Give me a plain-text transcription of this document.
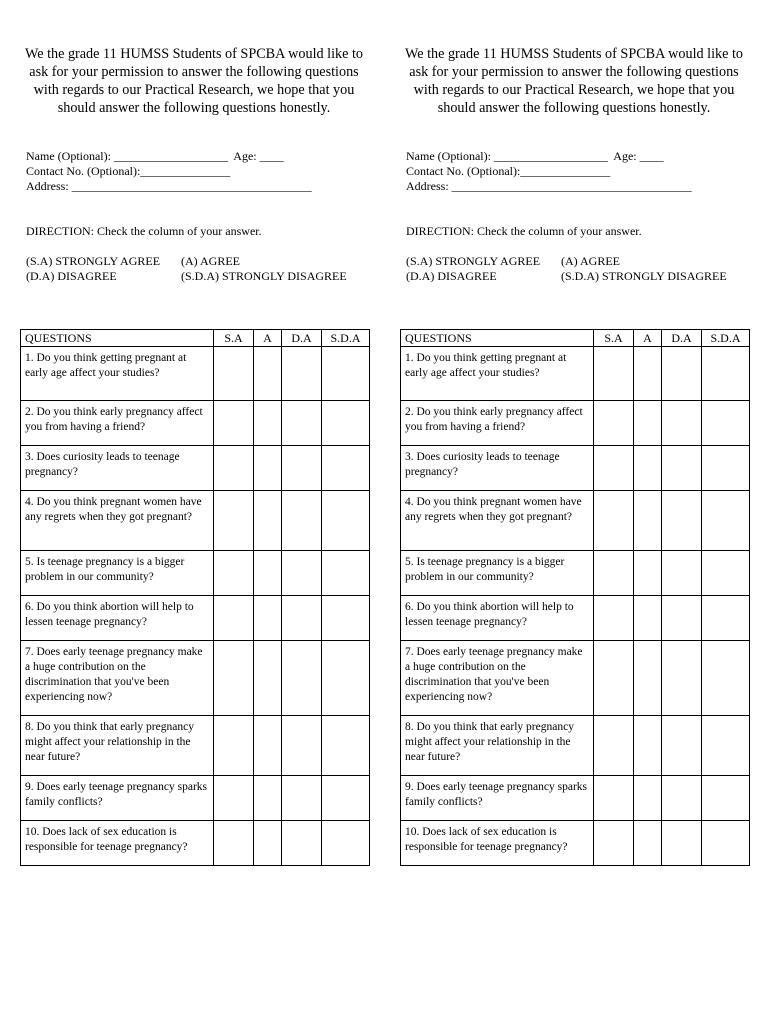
We the grade 11 HUMSS Students of SPCBA would like to ask for your permission to answer the following questions with regards to our Practical Research, we hope that you should answer the following questions honestly.

Name (Optional): ___________________  Age: ____
Contact No. (Optional):_______________
Address: ________________________________________
DIRECTION: Check the column of your answer.
(S.A) STRONGLY AGREE	(A) AGREE
(D.A) DISAGREE	(S.D.A) STRONGLY DISAGREE
QUESTIONS	S.A	A	D.A	S.D.A
1. Do you think getting pregnant at early age affect your studies?				
2. Do you think early pregnancy affect you from having a friend?				
3. Does curiosity leads to teenage pregnancy?				
4. Do you think pregnant women have any regrets when they got pregnant?				
5. Is teenage pregnancy is a bigger problem in our community?				
6. Do you think abortion will help to lessen teenage pregnancy?				
7. Does early teenage pregnancy make a huge contribution on the discrimination that you've been experiencing now?				
8. Do you think that early pregnancy might affect your relationship in the near future?				
9. Does early teenage pregnancy sparks family conflicts?				
10. Does lack of sex education is responsible for teenage pregnancy?				

We the grade 11 HUMSS Students of SPCBA would like to ask for your permission to answer the following questions with regards to our Practical Research, we hope that you should answer the following questions honestly.

Name (Optional): ___________________  Age: ____
Contact No. (Optional):_______________
Address: ________________________________________
DIRECTION: Check the column of your answer.
(S.A) STRONGLY AGREE	(A) AGREE
(D.A) DISAGREE	(S.D.A) STRONGLY DISAGREE
QUESTIONS	S.A	A	D.A	S.D.A
1. Do you think getting pregnant at early age affect your studies?				
2. Do you think early pregnancy affect you from having a friend?				
3. Does curiosity leads to teenage pregnancy?				
4. Do you think pregnant women have any regrets when they got pregnant?				
5. Is teenage pregnancy is a bigger problem in our community?				
6. Do you think abortion will help to lessen teenage pregnancy?				
7. Does early teenage pregnancy make a huge contribution on the discrimination that you've been experiencing now?				
8. Do you think that early pregnancy might affect your relationship in the near future?				
9. Does early teenage pregnancy sparks family conflicts?				
10. Does lack of sex education is responsible for teenage pregnancy?				
